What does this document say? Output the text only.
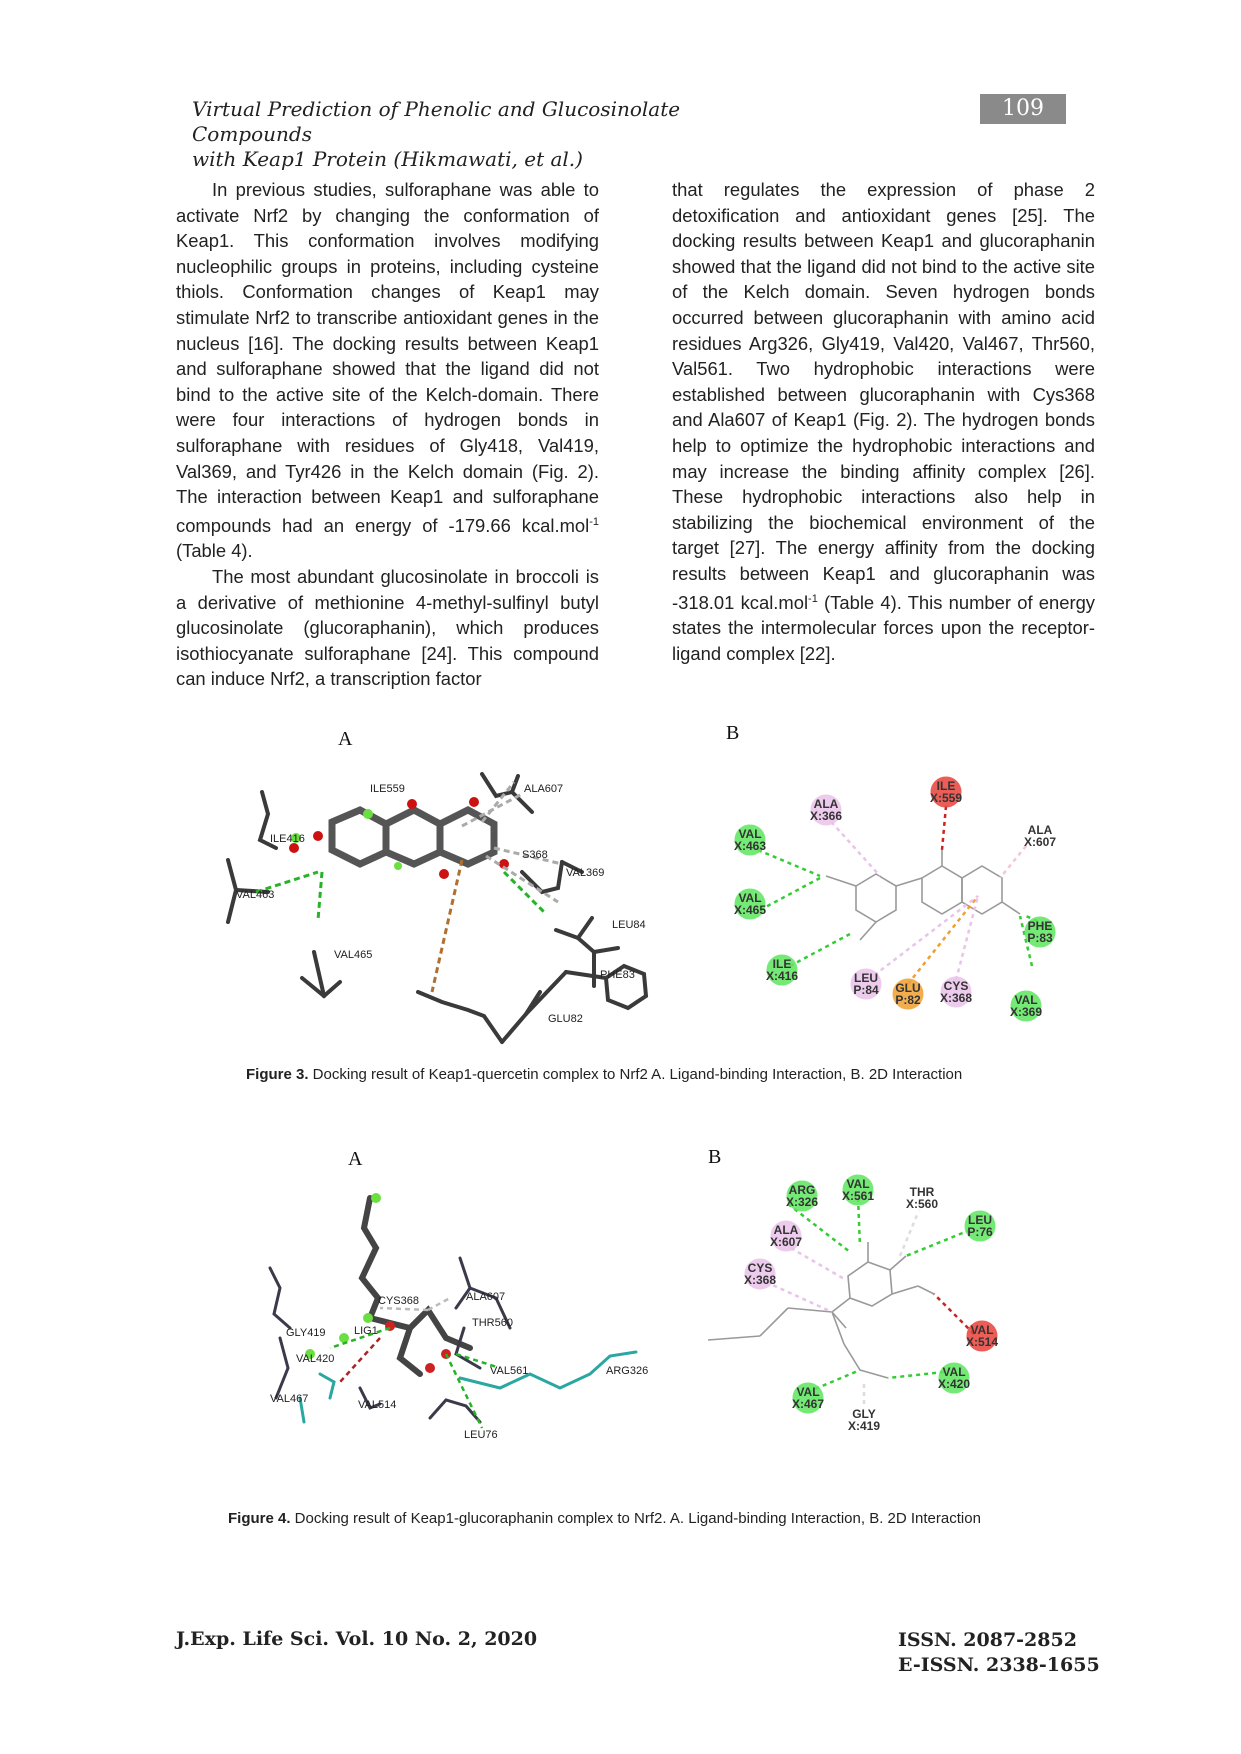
Virtual Prediction of Phenolic and Glucosinolate Compounds
with Keap1 Protein (Hikmawati, et al.)
109

In previous studies, sulforaphane was able to activate Nrf2 by changing the conformation of Keap1. This conformation involves modifying nucleophilic groups in proteins, including cysteine thiols. Conformation changes of Keap1 may stimulate Nrf2 to transcribe antioxidant genes in the nucleus [16]. The docking results between Keap1 and sulforaphane showed that the ligand did not bind to the active site of the Kelch-domain. There were four interactions of hydrogen bonds in sulforaphane with residues of Gly418, Val419, Val369, and Tyr426 in the Kelch domain (Fig. 2). The interaction between Keap1 and sulforaphane compounds had an energy of -179.66 kcal.mol$^{-1}$ (Table 4).

The most abundant glucosinolate in broccoli is a derivative of methionine 4-methyl-sulfinyl butyl glucosinolate (glucoraphanin), which produces isothiocyanate sulforaphane [24]. This compound can induce Nrf2, a transcription factor

that regulates the expression of phase 2 detoxification and antioxidant genes [25]. The docking results between Keap1 and glucoraphanin showed that the ligand did not bind to the active site of the Kelch domain. Seven hydrogen bonds occurred between glucoraphanin with amino acid residues Arg326, Gly419, Val420, Val467, Thr560, Val561. Two hydrophobic interactions were established between glucoraphanin with Cys368 and Ala607 of Keap1 (Fig. 2). The hydrogen bonds help to optimize the hydrophobic interactions and may increase the binding affinity complex [26]. These hydrophobic interactions also help in stabilizing the biochemical environment of the target [27]. The energy affinity from the docking results between Keap1 and glucoraphanin was -318.01 kcal.mol$^{-1}$ (Table 4). This number of energy states the intermolecular forces upon the receptor-ligand complex [22].

A	B
ILE559	ALA607
ILE416
S368
VAL369
VAL463
LEU84
VAL465
PHE83
GLU82
ILE
X:559
ALA
X:366
VAL
X:463
ALA
X:607
VAL
X:465
ILE
X:416	LEU
P:84 GLU
P:82
CYS
X:368
PHE
P:83
VAL
X:369
Figure 3. Docking result of Keap1-quercetin complex to Nrf2 A. Ligand-binding Interaction, B. 2D Interaction
A	B
CYS368	ALA607
THR560
GLY419	LIG1
VAL420
VAL561	ARG326
VAL467	VAL514
LEU76
ARG
X:326
VAL
X:561	THR
X:560
LEU
P:76
ALA
X:607
CYS
X:368
VAL
X:514
VAL
X:420
VAL
X:467
GLY
X:419
Figure 4. Docking result of Keap1-glucoraphanin complex to Nrf2. A. Ligand-binding Interaction, B. 2D Interaction
J.Exp. Life Sci. Vol. 10 No. 2, 2020	ISSN. 2087-2852
E-ISSN. 2338-1655
